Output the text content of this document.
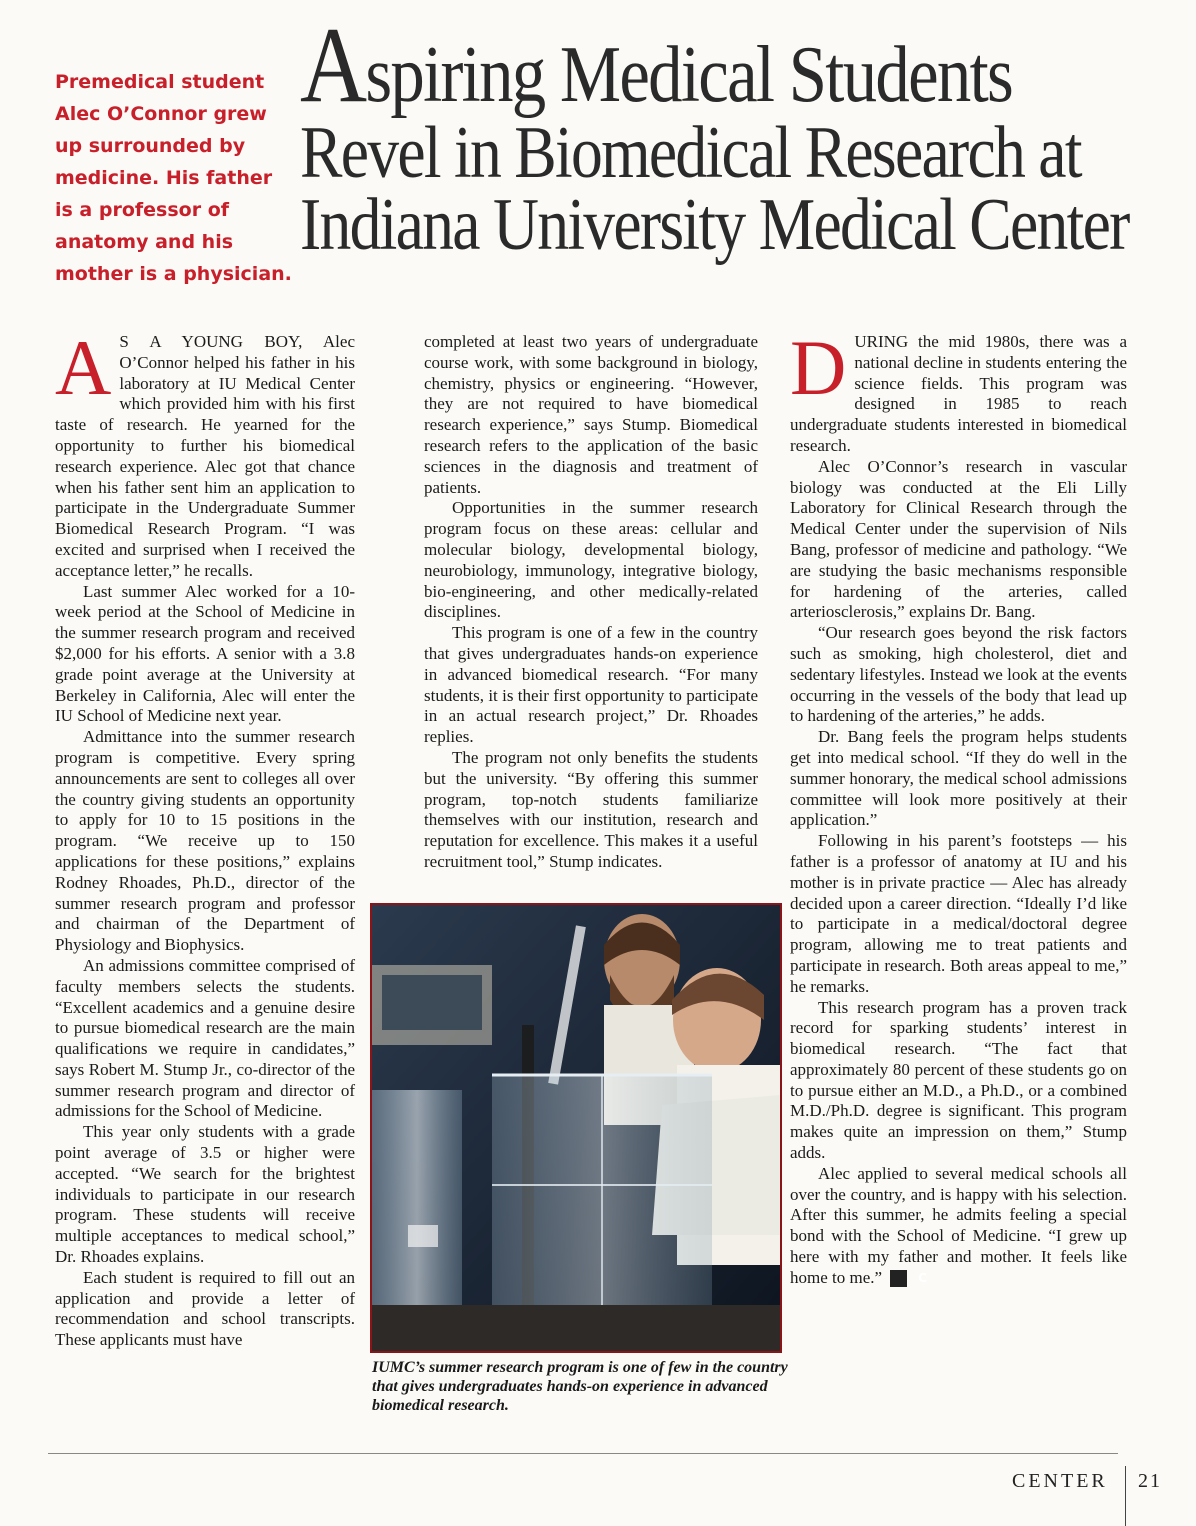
Premedical student Alec O’Connor grew up surrounded by medicine. His father is a professor of anatomy and his mother is a physician.

Aspiring Medical Students
Revel in Biomedical Research at
Indiana University Medical Center

A S A YOUNG BOY, Alec O’Connor helped his father in his laboratory at IU Medical Center which provided him with his first taste of research. He yearned for the opportunity to further his biomedical research experience. Alec got that chance when his father sent him an application to participate in the Undergraduate Summer Biomedical Research Program. “I was excited and surprised when I received the acceptance letter,” he recalls.

Last summer Alec worked for a 10-week period at the School of Medicine in the summer research program and received $2,000 for his efforts. A senior with a 3.8 grade point average at the University at Berkeley in California, Alec will enter the IU School of Medicine next year.

Admittance into the summer research program is competitive. Every spring announcements are sent to colleges all over the country giving students an opportunity to apply for 10 to 15 positions in the program. “We receive up to 150 applications for these positions,” explains Rodney Rhoades, Ph.D., director of the summer research program and professor and chairman of the Department of Physiology and Biophysics.

An admissions committee comprised of faculty members selects the students. “Excellent academics and a genuine desire to pursue biomedical research are the main qualifications we require in candidates,” says Robert M. Stump Jr., co-director of the summer research program and director of admissions for the School of Medicine.

This year only students with a grade point average of 3.5 or higher were accepted. “We search for the brightest individuals to participate in our research program. These students will receive multiple acceptances to medical school,” Dr. Rhoades explains.

Each student is required to fill out an application and provide a letter of recommendation and school transcripts. These applicants must have

completed at least two years of undergraduate course work, with some background in biology, chemistry, physics or engineering. “However, they are not required to have biomedical research experience,” says Stump. Biomedical research refers to the application of the basic sciences in the diagnosis and treatment of patients.

Opportunities in the summer research program focus on these areas: cellular and molecular biology, developmental biology, neurobiology, immunology, integrative biology, bio-engineering, and other medically-related disciplines.

This program is one of a few in the country that gives undergraduates hands-on experience in advanced biomedical research. “For many students, it is their first opportunity to participate in an actual research project,” Dr. Rhoades replies.

The program not only benefits the students but the university. “By offering this summer program, top-notch students familiarize themselves with our institution, research and reputation for excellence. This makes it a useful recruitment tool,” Stump indicates.

DURING the mid 1980s, there was a national decline in students entering the science fields. This program was designed in 1985 to reach undergraduate students interested in biomedical research.

Alec O’Connor’s research in vascular biology was conducted at the Eli Lilly Laboratory for Clinical Research through the Medical Center under the supervision of Nils Bang, professor of medicine and pathology. “We are studying the basic mechanisms responsible for hardening of the arteries, called arteriosclerosis,” explains Dr. Bang.

“Our research goes beyond the risk factors such as smoking, high cholesterol, diet and sedentary lifestyles. Instead we look at the events occurring in the vessels of the body that lead up to hardening of the arteries,” he adds.

Dr. Bang feels the program helps students get into medical school. “If they do well in the summer honorary, the medical school admissions committee will look more positively at their application.”

Following in his parent’s footsteps — his father is a professor of anatomy at IU and his mother is in private practice — Alec has already decided upon a career direction. “Ideally I’d like to participate in a medical/doctoral degree program, allowing me to treat patients and participate in research. Both areas appeal to me,” he remarks.

This research program has a proven track record for sparking students’ interest in biomedical research. “The fact that approximately 80 percent of these students go on to pursue either an M.D., a Ph.D., or a combined M.D./Ph.D. degree is significant. This program makes quite an impression on them,” Stump adds.

Alec applied to several medical schools all over the country, and is happy with his selection. After this summer, he admits feeling a special bond with the School of Medicine. “I grew up here with my father and mother. It feels like home to me.”	C

IUMC’s summer research program is one of few in the country that gives undergraduates hands-on experience in advanced biomedical research.

CENTER 21
